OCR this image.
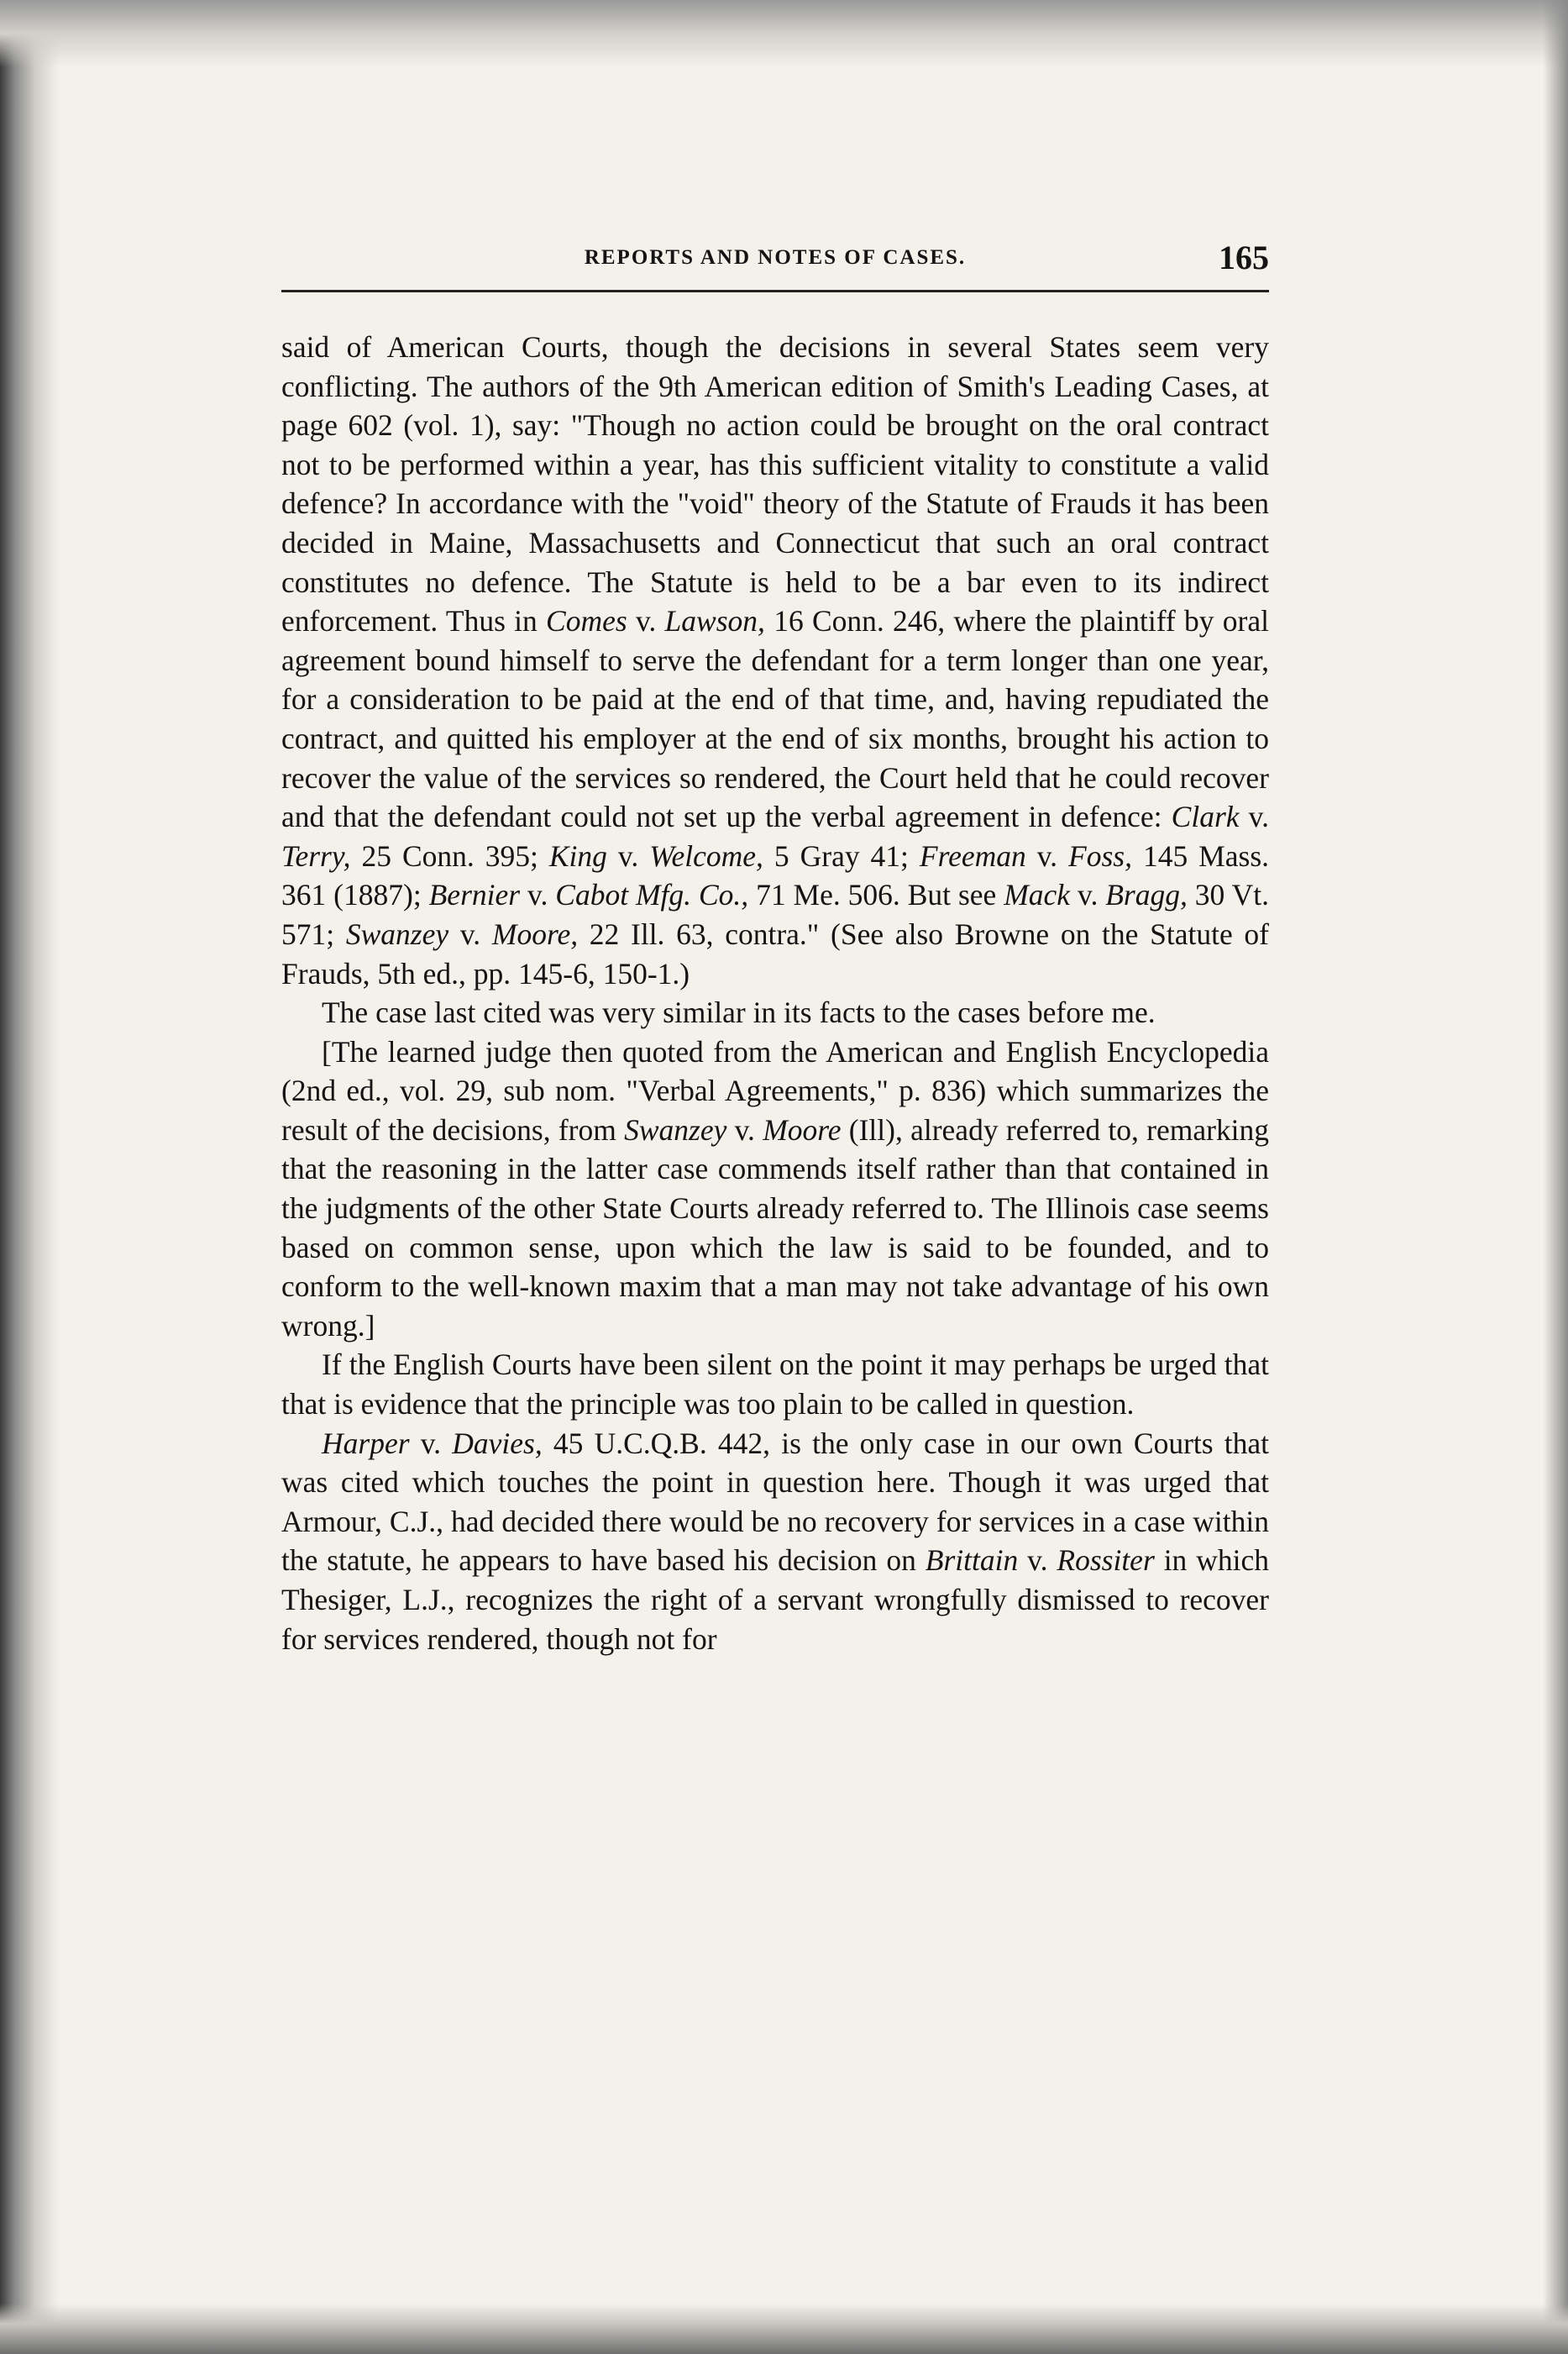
REPORTS AND NOTES OF CASES.	165

said of American Courts, though the decisions in several States seem very conflicting. The authors of the 9th American edition of Smith's Leading Cases, at page 602 (vol. 1), say: "Though no action could be brought on the oral contract not to be performed within a year, has this sufficient vitality to constitute a valid defence? In accordance with the "void" theory of the Statute of Frauds it has been decided in Maine, Massachusetts and Connecticut that such an oral contract constitutes no defence. The Statute is held to be a bar even to its indirect enforcement. Thus in Comes v. Lawson, 16 Conn. 246, where the plaintiff by oral agreement bound himself to serve the defendant for a term longer than one year, for a consideration to be paid at the end of that time, and, having repudiated the contract, and quitted his employer at the end of six months, brought his action to recover the value of the services so rendered, the Court held that he could recover and that the defendant could not set up the verbal agreement in defence: Clark v. Terry, 25 Conn. 395; King v. Welcome, 5 Gray 41; Freeman v. Foss, 145 Mass. 361 (1887); Bernier v. Cabot Mfg. Co., 71 Me. 506. But see Mack v. Bragg, 30 Vt. 571; Swanzey v. Moore, 22 Ill. 63, contra." (See also Browne on the Statute of Frauds, 5th ed., pp. 145-6, 150-1.)

The case last cited was very similar in its facts to the cases before me.

[The learned judge then quoted from the American and English Encyclopedia (2nd ed., vol. 29, sub nom. "Verbal Agreements," p. 836) which summarizes the result of the decisions, from Swanzey v. Moore (Ill), already referred to, remarking that the reasoning in the latter case commends itself rather than that contained in the judgments of the other State Courts already referred to. The Illinois case seems based on common sense, upon which the law is said to be founded, and to conform to the well-known maxim that a man may not take advantage of his own wrong.]

If the English Courts have been silent on the point it may perhaps be urged that that is evidence that the principle was too plain to be called in question.

Harper v. Davies, 45 U.C.Q.B. 442, is the only case in our own Courts that was cited which touches the point in question here. Though it was urged that Armour, C.J., had decided there would be no recovery for services in a case within the statute, he appears to have based his decision on Brittain v. Rossiter in which Thesiger, L.J., recognizes the right of a servant wrongfully dismissed to recover for services rendered, though not for
